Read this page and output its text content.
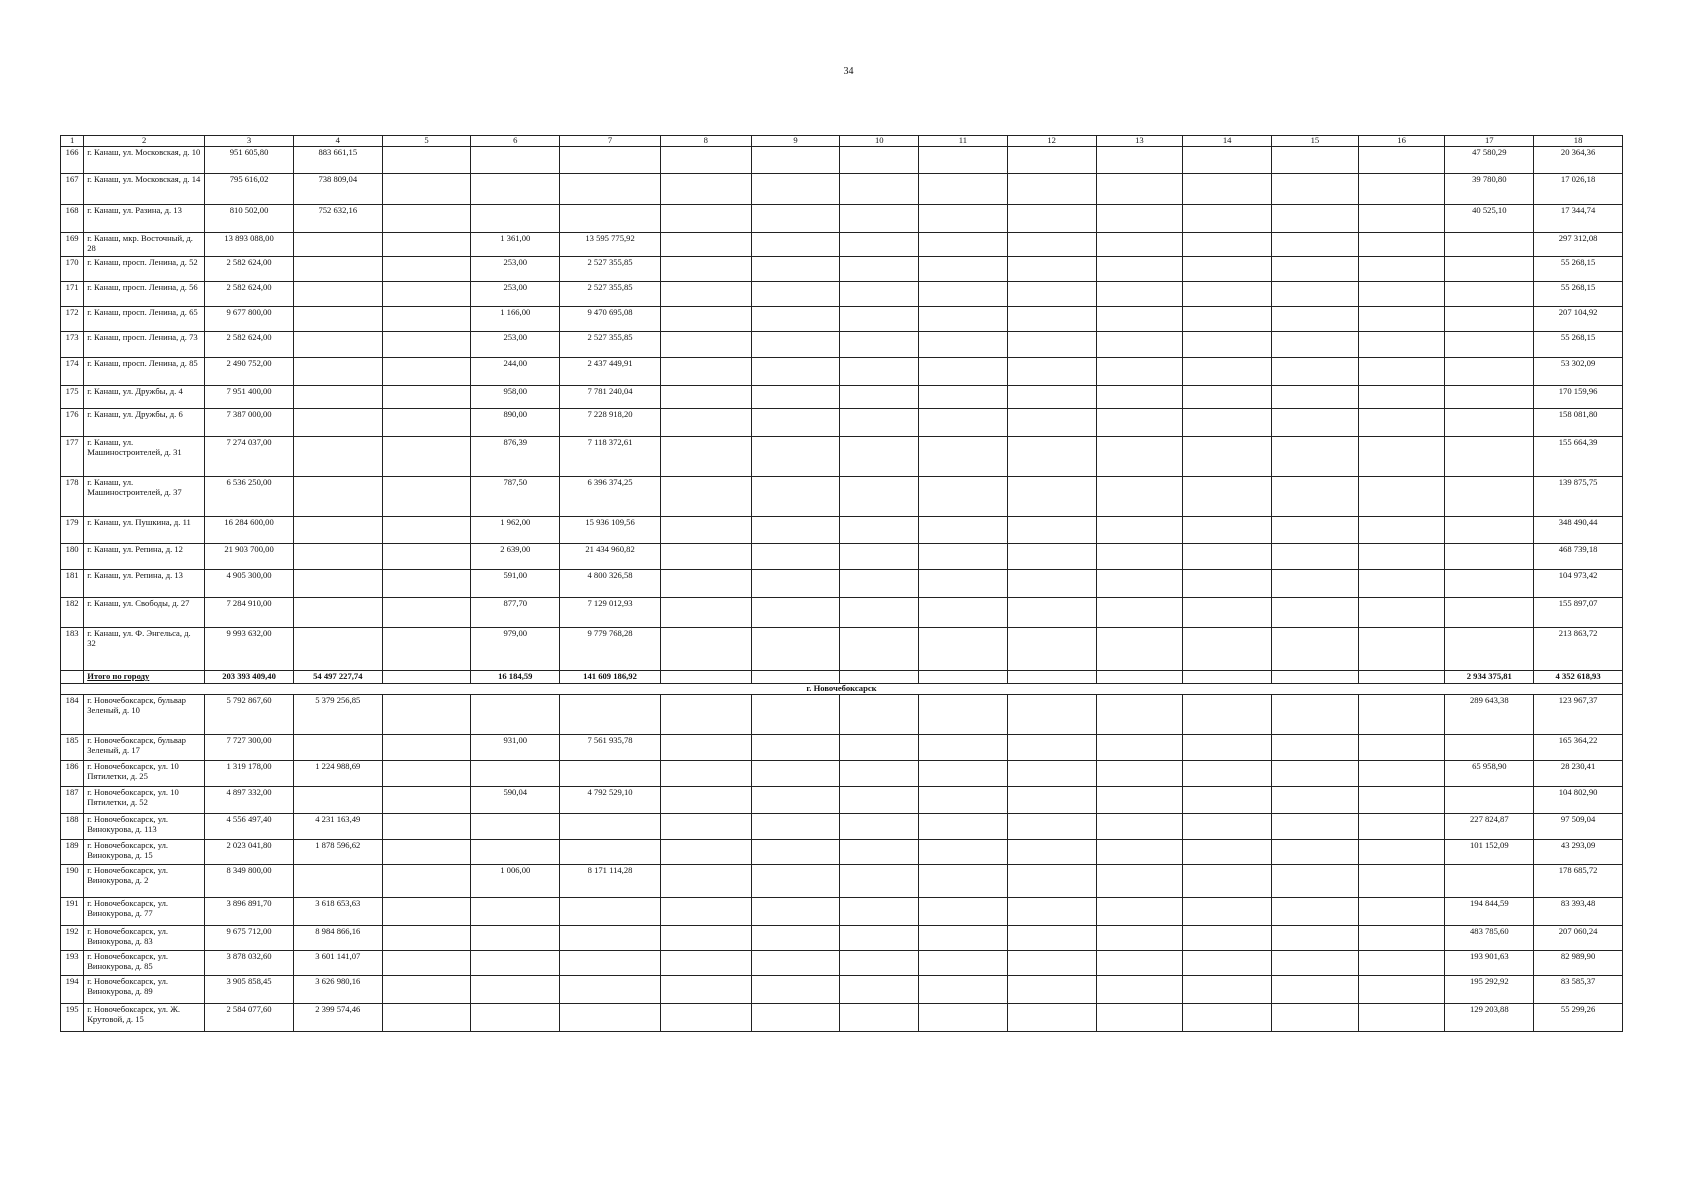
34
1	2	3	4	5	6	7	8	9	10	11	12	13	14	15	16	17	18
166	г. Канаш, ул. Московская, д. 10	951 605,80	883 661,15													47 580,29	20 364,36
167	г. Канаш, ул. Московская, д. 14	795 616,02	738 809,04													39 780,80	17 026,18
168	г. Канаш, ул. Разина, д. 13	810 502,00	752 632,16													40 525,10	17 344,74
169	г. Канаш, мкр. Восточный, д. 28	13 893 088,00			1 361,00	13 595 775,92											297 312,08
170	г. Канаш, просп. Ленина, д. 52	2 582 624,00			253,00	2 527 355,85											55 268,15
171	г. Канаш, просп. Ленина, д. 56	2 582 624,00			253,00	2 527 355,85											55 268,15
172	г. Канаш, просп. Ленина, д. 65	9 677 800,00			1 166,00	9 470 695,08											207 104,92
173	г. Канаш, просп. Ленина, д. 73	2 582 624,00			253,00	2 527 355,85											55 268,15
174	г. Канаш, просп. Ленина, д. 85	2 490 752,00			244,00	2 437 449,91											53 302,09
175	г. Канаш, ул. Дружбы, д. 4	7 951 400,00			958,00	7 781 240,04											170 159,96
176	г. Канаш, ул. Дружбы, д. 6	7 387 000,00			890,00	7 228 918,20											158 081,80
177	г. Канаш, ул. Машиностроителей, д. 31	7 274 037,00			876,39	7 118 372,61											155 664,39
178	г. Канаш, ул. Машиностроителей, д. 37	6 536 250,00			787,50	6 396 374,25											139 875,75
179	г. Канаш, ул. Пушкина, д. 11	16 284 600,00			1 962,00	15 936 109,56											348 490,44
180	г. Канаш, ул. Репина, д. 12	21 903 700,00			2 639,00	21 434 960,82											468 739,18
181	г. Канаш, ул. Репина, д. 13	4 905 300,00			591,00	4 800 326,58											104 973,42
182	г. Канаш, ул. Свободы, д. 27	7 284 910,00			877,70	7 129 012,93											155 897,07
183	г. Канаш, ул. Ф. Энгельса, д. 32	9 993 632,00			979,00	9 779 768,28											213 863,72
	Итого по городу	203 393 409,40	54 497 227,74		16 184,59	141 609 186,92										2 934 375,81	4 352 618,93
г. Новочебоксарск																	
184	г. Новочебоксарск, бульвар Зеленый, д. 10	5 792 867,60	5 379 256,85													289 643,38	123 967,37
185	г. Новочебоксарск, бульвар Зеленый, д. 17	7 727 300,00			931,00	7 561 935,78											165 364,22
186	г. Новочебоксарск, ул. 10 Пятилетки, д. 25	1 319 178,00	1 224 988,69													65 958,90	28 230,41
187	г. Новочебоксарск, ул. 10 Пятилетки, д. 52	4 897 332,00			590,04	4 792 529,10											104 802,90
188	г. Новочебоксарск, ул. Винокурова, д. 113	4 556 497,40	4 231 163,49													227 824,87	97 509,04
189	г. Новочебоксарск, ул. Винокурова, д. 15	2 023 041,80	1 878 596,62													101 152,09	43 293,09
190	г. Новочебоксарск, ул. Винокурова, д. 2	8 349 800,00			1 006,00	8 171 114,28											178 685,72
191	г. Новочебоксарск, ул. Винокурова, д. 77	3 896 891,70	3 618 653,63													194 844,59	83 393,48
192	г. Новочебоксарск, ул. Винокурова, д. 83	9 675 712,00	8 984 866,16													483 785,60	207 060,24
193	г. Новочебоксарск, ул. Винокурова, д. 85	3 878 032,60	3 601 141,07													193 901,63	82 989,90
194	г. Новочебоксарск, ул. Винокурова, д. 89	3 905 858,45	3 626 980,16													195 292,92	83 585,37
195	г. Новочебоксарск, ул. Ж. Крутовой, д. 15	2 584 077,60	2 399 574,46													129 203,88	55 299,26
